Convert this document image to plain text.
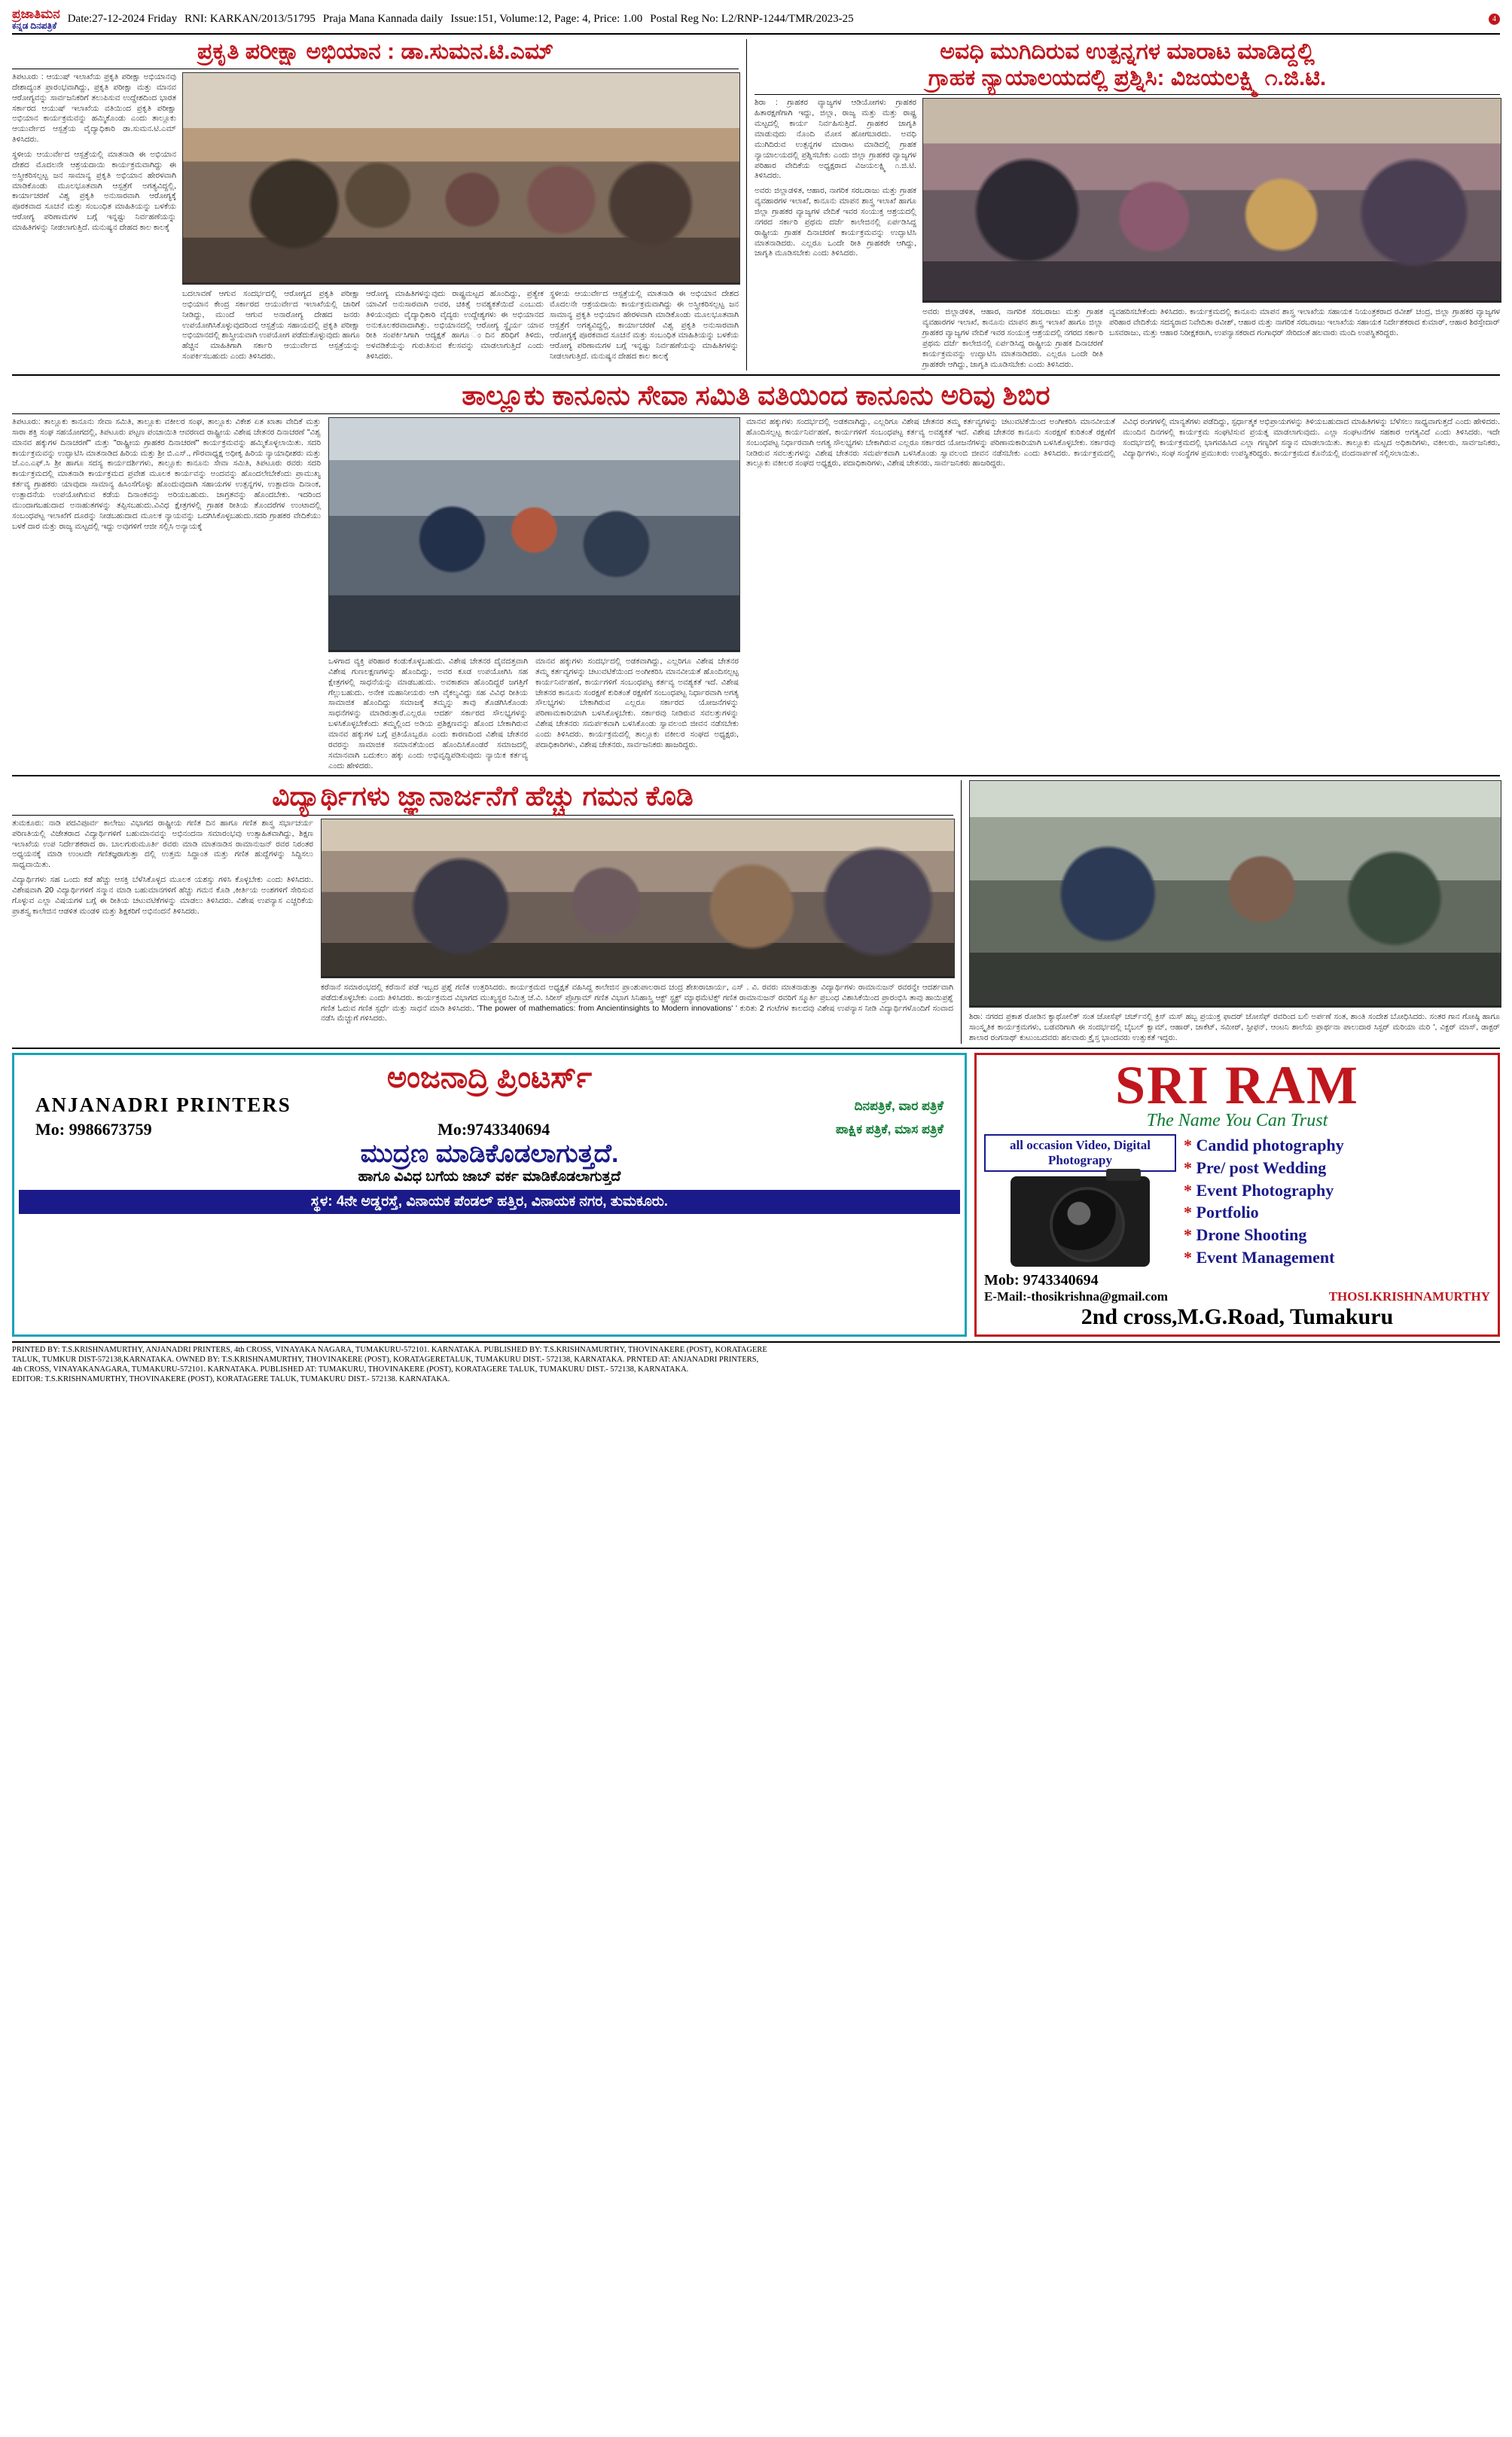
ಪ್ರಜಾತಿಮನ
ಕನ್ನಡ ದಿನಪತ್ರಿಕೆ
Date:27-12-2024 Friday RNI: KARKAN/2013/51795 Praja Mana Kannada daily Issue:151, Volume:12, Page: 4, Price: 1.00 Postal Reg No: L2/RNP-1244/TMR/2023-25	4
ಪ್ರಕೃತಿ ಪರೀಕ್ಷಾ ಅಭಿಯಾನ : ಡಾ.ಸುಮನ.ಟಿ.ಎಮ್
ತಿಪಟೂರು : ಆಯುಷ್ ಇಲಾಖೆಯ ಪ್ರಕೃತಿ ಪರೀಕ್ಷಾ ಅಭಿಯಾನವು ದೇಶಾದ್ಯಂತ ಪ್ರಾರಂಭವಾಗಿದ್ದು, ಪ್ರಕೃತಿ ಪರೀಕ್ಷಾ ಮತ್ತು ಮಾನವ ಆರೋಗ್ಯವನ್ನು ಸಾರ್ವಜನಿಕರಿಗೆ ತಲುಪಿಸುವ ಉದ್ದೇಶದಿಂದ ಭಾರತ ಸರ್ಕಾರದ ಆಯುಷ್ ಇಲಾಖೆಯ ವತಿಯಿಂದ ಪ್ರಕೃತಿ ಪರೀಕ್ಷಾ ಅಭಿಯಾನ ಕಾರ್ಯಕ್ರಮವನ್ನು ಹಮ್ಮಿಕೊಂಡು ಎಂದು ತಾಲ್ಲೂಕು ಆಯುರ್ವೇದ ಆಸ್ಪತ್ರೆಯ ವೈದ್ಯಾಧಿಕಾರಿ ಡಾ.ಸುಮನ.ಟಿ.ಎಮ್ ತಿಳಿಸಿದರು.
ಸ್ಥಳೀಯ ಆಯುರ್ವೇದ ಆಸ್ಪತ್ರೆಯಲ್ಲಿ ಮಾತನಾಡಿ ಈ ಅಭಿಯಾನ ದೇಶದ ಮೊದಲನೇ ಆಶ್ರಯದಾಯಿ ಕಾರ್ಯಕ್ರಮವಾಗಿದ್ದು ಈ ಅಸ್ತ್ರೀಕರಿಸಲ್ಪಟ್ಟ ಜನ ಸಾಮಾನ್ಯ ಪ್ರಕೃತಿ ಅಭಿಯಾನ ಹೇರಳವಾಗಿ ಮಾಡಿಕೊಂಡು ಮೂಲಭೂತವಾಗಿ ಆಸ್ಪತ್ರೆಗೆ ಅಗತ್ಯವಿದ್ದಲ್ಲಿ, ಕಾರ್ಯಾಚರಣೆ ವಿಶ್ವ ಪ್ರಕೃತಿ ಅನುಸಾರವಾಗಿ ಆರೋಗ್ಯಕ್ಕೆ ಪೂರಕವಾದ ಸೂಚನೆ ಮತ್ತು ಸಂಬಂಧಿತ ಮಾಹಿತಿಯನ್ನು ಬಳಕೆಯ ಆರೋಗ್ಯ ಪರಿಣಾಮಗಳ ಬಗ್ಗೆ ಇನ್ನಷ್ಟು ನಿರ್ವಹಣೆಯನ್ನು ಮಾಹಿತಿಗಳನ್ನು ನೀಡಲಾಗುತ್ತಿದೆ. ಮನುಷ್ಯನ ದೇಹದ ಕಾಲ ಕಾಲಕ್ಕೆ
ಬದಲಾವಣೆ ಆಗುವ ಸಂದರ್ಭದಲ್ಲಿ ಆರೋಗ್ಯದ ಪ್ರಕೃತಿ ಪರೀಕ್ಷಾ ಅಭಿಯಾನ ಕೇಂದ್ರ ಸರ್ಕಾರದ ಆಯುರ್ವೇದ ಇಲಾಖೆಯಲ್ಲಿ ಜಾರಿಗೆ ನೀಡಿದ್ದು, ಮುಂದೆ ಆಗುವ ಅನಾರೋಗ್ಯ ದೇಹದ ಜನರು ಉಪಯೋಗಿಸಿಕೊಳ್ಳುವುದರಿಂದ ಆಸ್ಪತ್ರೆಯ ಸಹಾಯದಲ್ಲಿ ಪ್ರಕೃತಿ ಪರೀಕ್ಷಾ ಅಭಿಯಾನದಲ್ಲಿ ಶಾಸ್ತ್ರೀಯವಾಗಿ ಉಪಯೋಗ ಪಡೆದುಕೊಳ್ಳುವುದು ಹಾಗೂ ಹೆಚ್ಚಿನ ಮಾಹಿತಿಗಾಗಿ ಸರ್ಕಾರಿ ಆಯುರ್ವೇದ ಆಸ್ಪತ್ರೆಯನ್ನು ಸಂಪರ್ಕಿಸಬಹುದು ಎಂದು ತಿಳಿಸಿದರು.
ಆರೋಗ್ಯ ಮಾಹಿತಿಗಳನ್ನುವುದು ರಾಷ್ಟ್ರಮಟ್ಟದ ಹೊಂದಿದ್ದು, ಪ್ರತ್ಯೇಕ ಯಾವಿಗೆ ಅನುಸಾರವಾಗಿ ಅವರ, ಚಿಕಿತ್ಸೆ ಅವಶ್ಯಕತೆಯಿದೆ ಎಂಬುದು ತಿಳಿಯುವುದು ವೈದ್ಯಾಧಿಕಾರಿ ವೈದ್ಯರು ಉದ್ದೇಶ್ಯಗಳು ಈ ಅಭಿಯಾನದ ಅನುಕೂಲಕರವಾದಾಗಿತ್ತು. ಅಭಿಯಾನದಲ್ಲಿ ಆರೋಗ್ಯ ಸ್ಥೈರ್ಯ ಯಾವ ರೀತಿ ಸಂಪರ್ಕಿಸಿಗಾಗಿ ಆದ್ಯಕ್ಷತೆ ಹಾಗೂ ಂದಿನ ಶರಿಧಿಗೆ ತಿಳಿದು, ಅಳವಡಿಕೆಯನ್ನು ಗುರುತಿಸುವ ಕೆಲಸವನ್ನು ಮಾಡಲಾಗುತ್ತಿದೆ ಎಂದು ತಿಳಿಸಿದರು.
ಸ್ಥಳೀಯ ಆಯುರ್ವೇದ ಆಸ್ಪತ್ರೆಯಲ್ಲಿ ಮಾತನಾಡಿ ಈ ಅಭಿಯಾನ ದೇಶದ ಮೊದಲನೇ ಆಶ್ರಯದಾಯಿ ಕಾರ್ಯಕ್ರಮವಾಗಿದ್ದು ಈ ಅಸ್ತ್ರೀಕರಿಸಲ್ಪಟ್ಟ ಜನ ಸಾಮಾನ್ಯ ಪ್ರಕೃತಿ ಅಭಿಯಾನ ಹೇರಳವಾಗಿ ಮಾಡಿಕೊಂಡು ಮೂಲಭೂತವಾಗಿ ಆಸ್ಪತ್ರೆಗೆ ಅಗತ್ಯವಿದ್ದಲ್ಲಿ, ಕಾರ್ಯಾಚರಣೆ ವಿಶ್ವ ಪ್ರಕೃತಿ ಅನುಸಾರವಾಗಿ ಆರೋಗ್ಯಕ್ಕೆ ಪೂರಕವಾದ ಸೂಚನೆ ಮತ್ತು ಸಂಬಂಧಿತ ಮಾಹಿತಿಯನ್ನು ಬಳಕೆಯ ಆರೋಗ್ಯ ಪರಿಣಾಮಗಳ ಬಗ್ಗೆ ಇನ್ನಷ್ಟು ನಿರ್ವಹಣೆಯನ್ನು ಮಾಹಿತಿಗಳನ್ನು ನೀಡಲಾಗುತ್ತಿದೆ. ಮನುಷ್ಯನ ದೇಹದ ಕಾಲ ಕಾಲಕ್ಕೆ
ಅವಧಿ ಮುಗಿದಿರುವ ಉತ್ಪನ್ನಗಳ ಮಾರಾಟ ಮಾಡಿದ್ದಲ್ಲಿ
ಗ್ರಾಹಕ ನ್ಯಾಯಾಲಯದಲ್ಲಿ ಪ್ರಶ್ನಿಸಿ: ವಿಜಯಲಕ್ಷ್ಮಿ ೧.ಜಿ.ಟಿ.
ಶಿರಾ : ಗ್ರಾಹಕರ ವ್ಯಾಜ್ಯಗಳ ಆಡಿಯೋಗಳು ಗ್ರಾಹಕರ ಹಿತಾರಕ್ಷಣೆಗಾಗಿ ಇದ್ದು, ಜಿಲ್ಲಾ, ರಾಜ್ಯ ಮತ್ತು ಮತ್ತು ರಾಷ್ಟ್ರ ಮಟ್ಟದಲ್ಲಿ ಕಾರ್ಯ ನಿರ್ವಹಿಸುತ್ತಿದೆ. ಗ್ರಾಹಕರ ಜಾಗೃತಿ ಮಾಡುವುದು ನೊಂದಿ ಮೋಸ ಹೋಗಬಾರದು. ಅವಧಿ ಮುಗಿದಿರುವ ಉತ್ಪನ್ನಗಳ ಮಾರಾಟ ಮಾಡಿದಲ್ಲಿ ಗ್ರಾಹಕ ನ್ಯಾಯಾಲಯದಲ್ಲಿ ಪ್ರಶ್ನಿಸಬೇಕು ಎಂದು ಜಿಲ್ಲಾ ಗ್ರಾಹಕರ ವ್ಯಾಜ್ಯಗಳ ಪರಿಹಾರ ವೇದಿಕೆಯ ಅಧ್ಯಕ್ಷರಾದ ವಿಜಯಲಕ್ಷ್ಮಿ ೧.ಜಿ.ಟಿ. ತಿಳಿಸಿದರು.
ಅವರು ಜಿಲ್ಲಾಡಳಿತ, ಆಹಾರ, ನಾಗರಿಕ ಸರಬರಾಜು ಮತ್ತು ಗ್ರಾಹಕ ವ್ಯವಹಾರಗಳ ಇಲಾಖೆ, ಕಾನೂನು ಮಾಪನ ಶಾಸ್ತ್ರ ಇಲಾಖೆ ಹಾಗೂ ಜಿಲ್ಲಾ ಗ್ರಾಹಕರ ವ್ಯಾಜ್ಯಗಳ ವೇದಿಕೆ ಇವರ ಸಂಯುಕ್ತ ಆಶ್ರಯದಲ್ಲಿ ನಗರದ ಸರ್ಕಾರಿ ಪ್ರಥಮ ದರ್ಜೆ ಕಾಲೇಜಿನಲ್ಲಿ ಏರ್ಪಡಿಸಿದ್ದ ರಾಷ್ಟ್ರೀಯ ಗ್ರಾಹಕ ದಿನಾಚರಣೆ ಕಾರ್ಯಕ್ರಮವನ್ನು ಉದ್ಘಾಟಿಸಿ ಮಾತನಾಡಿದರು. ಎಲ್ಲರೂ ಒಂದೇ ರೀತಿ ಗ್ರಾಹಕರೇ ಆಗಿದ್ದು, ಜಾಗೃತಿ ಮೂಡಿಸಬೇಕು ಎಂದು ತಿಳಿಸಿದರು.
ಅವರು ಜಿಲ್ಲಾಡಳಿತ, ಆಹಾರ, ನಾಗರಿಕ ಸರಬರಾಜು ಮತ್ತು ಗ್ರಾಹಕ ವ್ಯವಹಾರಗಳ ಇಲಾಖೆ, ಕಾನೂನು ಮಾಪನ ಶಾಸ್ತ್ರ ಇಲಾಖೆ ಹಾಗೂ ಜಿಲ್ಲಾ ಗ್ರಾಹಕರ ವ್ಯಾಜ್ಯಗಳ ವೇದಿಕೆ ಇವರ ಸಂಯುಕ್ತ ಆಶ್ರಯದಲ್ಲಿ ನಗರದ ಸರ್ಕಾರಿ ಪ್ರಥಮ ದರ್ಜೆ ಕಾಲೇಜಿನಲ್ಲಿ ಏರ್ಪಡಿಸಿದ್ದ ರಾಷ್ಟ್ರೀಯ ಗ್ರಾಹಕ ದಿನಾಚರಣೆ ಕಾರ್ಯಕ್ರಮವನ್ನು ಉದ್ಘಾಟಿಸಿ ಮಾತನಾಡಿದರು. ಎಲ್ಲರೂ ಒಂದೇ ರೀತಿ ಗ್ರಾಹಕರೇ ಆಗಿದ್ದು, ಜಾಗೃತಿ ಮೂಡಿಸಬೇಕು ಎಂದು ತಿಳಿಸಿದರು.
ವ್ಯವಹರಿಸಬೇಕೆಂದು ತಿಳಿಸಿದರು. ಕಾರ್ಯಕ್ರಮದಲ್ಲಿ ಕಾನೂನು ಮಾಪನ ಶಾಸ್ತ್ರ ಇಲಾಖೆಯ ಸಹಾಯಕ ನಿಯಂತ್ರಕರಾದ ರವೀಶ್ ಚಂದ್ರ, ಜಿಲ್ಲಾ ಗ್ರಾಹಕರ ವ್ಯಾಜ್ಯಗಳ ಪರಿಹಾರ ವೇದಿಕೆಯ ಸದಸ್ಯರಾದ ನಿವೇದಿತಾ ರವೀಶ್, ಆಹಾರ ಮತ್ತು ನಾಗರಿಕ ಸರಬರಾಜು ಇಲಾಖೆಯ ಸಹಾಯಕ ನಿರ್ದೇಶಕರಾದ ಕುಮಾರ್, ಆಹಾರ ಶಿರಸ್ತೇದಾರ್ ಬಸವರಾಜು, ಮತ್ತು ಆಹಾರ ನಿರೀಕ್ಷಕರಾಗಿ, ಉಪನ್ಯಾಸಕರಾದ ಗಂಗಾಧರ್ ಸೇರಿದಂತೆ ಹಲವಾರು ಮಂದಿ ಉಪಸ್ಥಿತರಿದ್ದರು.
ತಾಲ್ಲೂಕು ಕಾನೂನು ಸೇವಾ ಸಮಿತಿ ವತಿಯಿಂದ ಕಾನೂನು ಅರಿವು ಶಿಬಿರ
ತಿಪಟೂರು: ತಾಲ್ಲೂಕು ಕಾನೂನು ಸೇವಾ ಸಮಿತಿ, ತಾಲ್ಲೂಕು ವಕೀಲರ ಸಂಘ, ತಾಲ್ಲೂಕು ವಿಕೇಶ ಏತ ಖಾತಾ ವೇದಿಕೆ ಮತ್ತು ಸಾರಾ ಶಕ್ತಿ ಸಂಘ ಸಹಯೋಗದಲ್ಲಿ, ತಿಪಟೂರು ಪಟ್ಟಣ ಪಂಚಾಯಿತಿ ಆವರಣದ ರಾಷ್ಟ್ರೀಯ ವಿಶೇಷ ಚೇತನರ ದಿನಾಚರಣೆ "ವಿಶ್ವ ಮಾನವ ಹಕ್ಕುಗಳ ದಿನಾಚರಣೆ" ಮತ್ತು "ರಾಷ್ಟ್ರೀಯ ಗ್ರಾಹಕರ ದಿನಾಚರಣೆ" ಕಾರ್ಯಕ್ರಮವನ್ನು ಹಮ್ಮಿಕೊಳ್ಳಲಾಯಿತು. ಸದರಿ ಕಾರ್ಯಕ್ರಮವನ್ನು ಉದ್ಘಾಟಿಸಿ ಮಾತನಾಡಿದ ಹಿರಿಯ ಮತ್ತು ಶ್ರೀ ಬಿ.ಎಸ್., ಗೌರವಾಧ್ಯಕ್ಷ ಅಧೀಕೃ ಹಿರಿಯ ನ್ಯಾಯಾಧೀಶರು ಮತ್ತು ಜೆ.ಎಂ.ಎಫ್.ಸಿ ಶ್ರೀ ಹಾಗೂ ಸದಸ್ಯ ಕಾರ್ಯದರ್ಶಿಗಳು, ತಾಲ್ಲೂಕು ಕಾನೂನು ಸೇವಾ ಸಮಿತಿ, ತಿಪಟೂರು ರವರು ಸದರಿ ಕಾರ್ಯಕ್ರಮದಲ್ಲಿ ಮಾತನಾಡಿ ಕಾರ್ಯಕ್ರಮದ ಪ್ರವೇಶ ಮೂಲಕ ಕಾರ್ಯವನ್ನು ಅಂದವನ್ನು ಹೊಂದಲೇಬೇಕೆಂದು ಪ್ರಾಮುಖ್ಯ ಕರ್ತವ್ಯ ಗ್ರಾಹಕರು ಯಾವುದಾ ಸಾಮಾನ್ಯ ಹಿಸಿಂಸೆಗೊಳ್ಳು ಹೊಂದುವುದಾಗಿ ಸಹಾಯಗಳ ಉತ್ಪನ್ನಗಳ, ಉತ್ಪಾದನಾ ದಿನಾಂಕ, ಉತ್ಪಾದನೆಯ ಉಪಯೋಗಿಸುವ ಕಡೆಯ ದಿನಾಂಕವನ್ನು ಅರಿಯಬಹುದು. ಜಾಗ್ರತವನ್ನು ಹೊಂದಬೇಕು. ಇದರಿಂದ ಮುಂದಾಗಬಹುದಾದ ಅನಾಹುತಗಳನ್ನು ತಪ್ಪಿಸಬಹುದು.ವಿವಿಧ ಕ್ಷೇತ್ರಗಳಲ್ಲಿ ಗ್ರಾಹಕ ರೀತಿಯ ತೊಂದರೆಗಳ ಉಂಟಾದಲ್ಲಿ ಸಂಬಂಧಪಟ್ಟ ಇಲಾಖೆಗೆ ದೂರನ್ನು ನೀಡಬಹುದಾದ ಮೂಲಕ ನ್ಯಾಯವನ್ನು ಒದಗಿಸಿಕೊಳ್ಳಬಹುದು.ಸದರಿ ಗ್ರಾಹಕರ ವೇದಿಕೆಯು ಬಳಕೆ ದಾರ ಮತ್ತು ರಾಜ್ಯ ಮಟ್ಟದಲ್ಲಿ ಇದ್ದು ಅವುಗಳಿಗೆ ಆಜೀ ಸಲ್ಲಿಸಿ ಅನ್ಯಾಯಕ್ಕೆ
ಒಳಗಾದ ವ್ಯಕ್ತಿ ಪರಿಹಾರ ಕಂಡುಕೊಳ್ಳಬಹುದು. ವಿಶೇಷ ಚೇತನರ ದೈವದತ್ತವಾಗಿ ವಿಶೇಷ ಗುಣಲಕ್ಷಣಗಳನ್ನು ಹೊಂದಿದ್ದು, ಅವರ ಕೂಡ ಉಪಯೋಗಿಸಿ ಸಹ ಕ್ಷೇತ್ರಗಳಲ್ಲಿ ಸಾಧನೆಯನ್ನು ಮಾಡಬಹುದು. ಅವಕಾಶವಾ ಹೊಂದಿದ್ದರೆ ಜಗತ್ತಿಗೆ ಗೆಲ್ಲುಬಹುದು. ಅನೇಕ ಮಹಾನೀಯರು ಆಗಿ ವೈಕಲ್ಯವಿದ್ದು ಸಹ ವಿವಿಧ ರೀತಿಯ ಸಾಮಾಜಿಕ ಹೊಂದಿದ್ದು ಸಮಾಜಕ್ಕೆ ತಮ್ಮನ್ನು ತಾವು ತೊಡಗಿಸಿಕೊಂಡು ಸಾಧನೆಗಳನ್ನು ಮಾಡಿರುತ್ತಾರೆ.ಎಲ್ಲರೂ ಆದರ್ಶ ಸರ್ಕಾರದ ಸೌಲಭ್ಯಗಳನ್ನು ಬಳಸಿಕೊಳ್ಳಬೇಕೆಂದು ತಮ್ಮಲ್ಲಿಂದ ಅಡಿಯ ಪ್ರಶಿಕ್ಷಣವನ್ನು ಹೊಂದ ಬೇಕಾಗಿರುವ ಮಾನವ ಹಕ್ಕುಗಳ ಬಗ್ಗೆ ಪ್ರತಿಯೊಬ್ಬರೂ ಎಂದು ಕಾರಣದಿಂದ ವಿಶೇಷ ಚೇತನರ ರವರನ್ನು ಸಾಮಾಜಿಕ ಸಮಾನತೆಯಿಂದ ಹೊಂದಿಸಿಕೊಂಡರೆ ಸಮಾಜದಲ್ಲಿ ಸಮಾನವಾಗಿ ಬದುಕಲು ಹಕ್ಕು ಎಂದು ಅಭಿವೃದ್ಧಿಪಡಿಸುವುದು ನ್ಯಾಯಿಕ ಕರ್ತವ್ಯ ಎಂದು ಹೇಳಿದರು.
ಮಾನವ ಹಕ್ಕುಗಳು ಸಂದರ್ಭದಲ್ಲಿ ಅಡಕವಾಗಿದ್ದು, ಎಲ್ಲರಿಗೂ ವಿಶೇಷ ಚೇತನರ ತಮ್ಮ ಕರ್ತವ್ಯಗಳನ್ನು ಚಟುವಟಿಕೆಯಿಂದ ಅಂಗೀಕರಿಸಿ ಮಾನವೀಯತೆ ಹೊಂದಿಸಲ್ಪಟ್ಟ ಕಾರ್ಯನಿರ್ವಹಣೆ, ಕಾರ್ಯಗಳಿಗೆ ಸಂಬಂಧಪಟ್ಟ ಕರ್ತವ್ಯ ಅವಶ್ಯಕತೆ ಇದೆ. ವಿಶೇಷ ಚೇತನರ ಕಾನೂನು ಸಂರಕ್ಷಣೆ ಕುರಿತಂತೆ ರಕ್ಷಣೆಗೆ ಸಂಬಂಧಪಟ್ಟ ನಿರ್ಧಾರವಾಗಿ ಅಗತ್ಯ ಸೌಲಭ್ಯಗಳು ಬೇಕಾಗಿರುವ ಎಲ್ಲರೂ ಸರ್ಕಾರದ ಯೋಜನೆಗಳನ್ನು ಪರಿಣಾಮಕಾರಿಯಾಗಿ ಬಳಸಿಕೊಳ್ಳಬೇಕು. ಸರ್ಕಾರವು ನೀಡಿರುವ ಸವಲತ್ತುಗಳನ್ನು ವಿಶೇಷ ಚೇತನರು ಸಮರ್ಪಕವಾಗಿ ಬಳಸಿಕೊಂಡು ಸ್ವಾವಲಂಬಿ ಜೀವನ ನಡೆಸಬೇಕು ಎಂದು ತಿಳಿಸಿದರು. ಕಾರ್ಯಕ್ರಮದಲ್ಲಿ ತಾಲ್ಲೂಕು ವಕೀಲರ ಸಂಘದ ಅಧ್ಯಕ್ಷರು, ಪದಾಧಿಕಾರಿಗಳು, ವಿಶೇಷ ಚೇತನರು, ಸಾರ್ವಜನಿಕರು ಹಾಜರಿದ್ದರು.
ಮಾನವ ಹಕ್ಕುಗಳು ಸಂದರ್ಭದಲ್ಲಿ ಅಡಕವಾಗಿದ್ದು, ಎಲ್ಲರಿಗೂ ವಿಶೇಷ ಚೇತನರ ತಮ್ಮ ಕರ್ತವ್ಯಗಳನ್ನು ಚಟುವಟಿಕೆಯಿಂದ ಅಂಗೀಕರಿಸಿ ಮಾನವೀಯತೆ ಹೊಂದಿಸಲ್ಪಟ್ಟ ಕಾರ್ಯನಿರ್ವಹಣೆ, ಕಾರ್ಯಗಳಿಗೆ ಸಂಬಂಧಪಟ್ಟ ಕರ್ತವ್ಯ ಅವಶ್ಯಕತೆ ಇದೆ. ವಿಶೇಷ ಚೇತನರ ಕಾನೂನು ಸಂರಕ್ಷಣೆ ಕುರಿತಂತೆ ರಕ್ಷಣೆಗೆ ಸಂಬಂಧಪಟ್ಟ ನಿರ್ಧಾರವಾಗಿ ಅಗತ್ಯ ಸೌಲಭ್ಯಗಳು ಬೇಕಾಗಿರುವ ಎಲ್ಲರೂ ಸರ್ಕಾರದ ಯೋಜನೆಗಳನ್ನು ಪರಿಣಾಮಕಾರಿಯಾಗಿ ಬಳಸಿಕೊಳ್ಳಬೇಕು. ಸರ್ಕಾರವು ನೀಡಿರುವ ಸವಲತ್ತುಗಳನ್ನು ವಿಶೇಷ ಚೇತನರು ಸಮರ್ಪಕವಾಗಿ ಬಳಸಿಕೊಂಡು ಸ್ವಾವಲಂಬಿ ಜೀವನ ನಡೆಸಬೇಕು ಎಂದು ತಿಳಿಸಿದರು. ಕಾರ್ಯಕ್ರಮದಲ್ಲಿ ತಾಲ್ಲೂಕು ವಕೀಲರ ಸಂಘದ ಅಧ್ಯಕ್ಷರು, ಪದಾಧಿಕಾರಿಗಳು, ವಿಶೇಷ ಚೇತನರು, ಸಾರ್ವಜನಿಕರು ಹಾಜರಿದ್ದರು.
ವಿವಿಧ ರಂಗಗಳಲ್ಲಿ ಮಾನ್ಯತೆಗಳು ಪಡೆದಿದ್ದು, ಸ್ಪರ್ಧಾತ್ಮಕ ಅಭಿಪ್ರಾಯಗಳನ್ನು ತಿಳಿಯಬಹುದಾದ ಮಾಹಿತಿಗಳನ್ನು ಬೆಳೆಸಲು ಸಾಧ್ಯವಾಗುತ್ತದೆ ಎಂದು ಹೇಳಿದರು. ಮುಂದಿನ ದಿನಗಳಲ್ಲಿ ಕಾರ್ಯಕ್ರಮ ಸಂಘಟಿಸುವ ಪ್ರಯತ್ನ ಮಾಡಲಾಗುವುದು. ಎಲ್ಲಾ ಸಂಘಟನೆಗಳ ಸಹಕಾರ ಅಗತ್ಯವಿದೆ ಎಂದು ತಿಳಿಸಿದರು. ಇದೇ ಸಂದರ್ಭದಲ್ಲಿ ಕಾರ್ಯಕ್ರಮದಲ್ಲಿ ಭಾಗವಹಿಸಿದ ಎಲ್ಲಾ ಗಣ್ಯರಿಗೆ ಸನ್ಮಾನ ಮಾಡಲಾಯಿತು. ತಾಲ್ಲೂಕು ಮಟ್ಟದ ಅಧಿಕಾರಿಗಳು, ವಕೀಲರು, ಸಾರ್ವಜನಿಕರು, ವಿದ್ಯಾರ್ಥಿಗಳು, ಸಂಘ ಸಂಸ್ಥೆಗಳ ಪ್ರಮುಖರು ಉಪಸ್ಥಿತರಿದ್ದರು. ಕಾರ್ಯಕ್ರಮದ ಕೊನೆಯಲ್ಲಿ ವಂದನಾರ್ಪಣೆ ಸಲ್ಲಿಸಲಾಯಿತು.
ವಿದ್ಯಾರ್ಥಿಗಳು ಜ್ಞಾನಾರ್ಜನೆಗೆ ಹೆಚ್ಚು ಗಮನ ಕೊಡಿ
ತುಮಕೂರು: ನಾಡಿ ಪದವಿಪೂರ್ವ ಕಾಲೇಜು ವಿಭಾಗದ ರಾಷ್ಟ್ರೀಯ ಗಣಿತ ದಿನ ಹಾಗೂ ಗಣಿತ ಶಾಸ್ತ್ರ ಸರ್ಭಾಚರ್ಯ ಪರಿಣತಿಯಲ್ಲಿ ವಿಜೇತರಾದ ವಿದ್ಯಾರ್ಥಿಗಳಿಗೆ ಬಹುಮಾನವನ್ನು ಅಭಿನಂದನಾ ಸಮಾರಂಭವು ಉತ್ಸಾಹಿತವಾಗಿದ್ದು, ಶಿಕ್ಷಣ ಇಲಾಖೆಯ ಉಪ ನಿರ್ದೇಶಕರಾದ ರಾ. ಬಾಲಗುರುಮೂರ್ತಿ ರವರು ಮಾಡಿ ಮಾತನಾಡಿಸ ರಾಮಾನುಜನ್ ರವರ ನಿರಂತರ ಅಧ್ಯಯನಕ್ಕೆ ಮಾಡಿ ಉಂಟದೇ ಗಣಿತಜ್ಞರಾಗುತ್ತಾ ದಲ್ಲಿ ಉತ್ತಮ ಸಿದ್ದಾಂತ ಮತ್ತು ಗಣಿತ ಹುದ್ದೆಗಳನ್ನು ಸಿದ್ದಿಸಲು ಸಾಧ್ಯವಾಯಿತು.
ವಿದ್ಯಾರ್ಥಿಗಳು ಸಹ ಒಂದು ಕಡೆ ಹೆಚ್ಚು ಆಸಕ್ತಿ ಬೆಳೆಸಿಕೊಳ್ಳದ ಮೂಲಕ ಯಶಸ್ಸು ಗಳಿಸಿ ಕೊಳ್ಳಬೇಕು ಎಂದು ತಿಳಿಸಿದರು. ವಿಶೇಷವಾಗಿ 20 ವಿದ್ಯಾರ್ಥಿಗಳಿಗೆ ಸನ್ಮಾನ ಮಾಡಿ ಬಹುಮಾನಗಳಿಗೆ ಹೆಚ್ಚು ಗಮನ ಕೊಡಿ ,ಕೀರ್ತಿಯ ಅಂಶಗಳಿಗೆ ಸೇರಿಸುವ ಗೊಳ್ಳುವ ಎಲ್ಲಾ ವಿಷಯಗಳ ಬಗ್ಗೆ ಈ ರೀತಿಯ ಚಟುವಟಿಕೆಗಳನ್ನು ಮಾಡಲು ತಿಳಿಸಿದರು. ವಿಶೇಷ ಉಪನ್ಯಾಸ ಎಚ್ಚರಿಕೆಯ ಪ್ರಾಶಸ್ತ್ಯ ಕಾಲೇಜಿನ ಆಡಳಿತ ಮಂಡಳಿ ಮತ್ತು ಶಿಕ್ಷಕರಿಗೆ ಅಭಿನಂದನೆ ತಿಳಿಸಿದರು.
ಕರೆನಾನೆ ಸಮಾರಂಭದಲ್ಲಿ ಕರೆನಾನೆ ಪಡೆ ಇಬ್ಬದ ಪ್ರಶ್ನೆ ಗಣಿತ ಉತ್ತರಿಸಿದರು. ಕಾರ್ಯಕ್ರಮದ ಅಧ್ಯಕ್ಷತೆ ವಹಿಸಿದ್ದ ಕಾಲೇಜಿನ ಪ್ರಾಂಶುಪಾಲರಾದ ಚಂದ್ರ ಶೇಖರಾಚಾರ್ಯ, ಎಸ್ . ವಿ. ರವರು ಮಾತನಾಡುತ್ತಾ ವಿದ್ಯಾರ್ಥಿಗಳು ರಾಮಾನುಜನ್ ರವರನ್ನೇ ಆದರ್ಶವಾಗಿ ಪಡೆದುಕೊಳ್ಳಬೇಕು ಎಂದು ತಿಳಿಸಿದರು. ಕಾರ್ಯಕ್ರಮದ ವಿಭಾಗದ ಮುಖ್ಯಸ್ಥರ ನಿಮಿತ್ತ ಜೆ.ವಿ. ಸಿರೀಸ್ ಪ್ರೊಗ್ರಾಮ್ ಗಣಿತ ವಿಭಾಗ ಸಿನಿಹಾಸ್ತ್ರಿ ಆಕ್ಟ್ ಸ್ಟ್ರಕ್ಟ್ ಮ್ಯಾಥಮೆಟಿಕ್ಸ್ ಗಣಿತ ರಾಮಾನುಜನ್ ರವರಿಗೆ ಸ್ಮೂರ್ತಿ ಪ್ರಬಂಧ ವಿಶಾಸಿಕೆಯಿಂದ ಪ್ರಾರಂಭಿಸಿ ತಾವು ಹಾಯಿಪ್ರಶ್ನೆ ಗಣಿತ ಓದುವ ಗಣಿತ ಸ್ಪರ್ಧೆ ಮತ್ತು ಸಾಧನೆ ಮಾಡಿ ತಿಳಿಸಿದರು. 'The power of mathematics: from Ancientinsights to Modern innovations' ' ಕುರಿತು 2 ಗಂಟೆಗಳ ಕಾಲದವು ವಿಶೇಷ ಉಪನ್ಯಾಸ ನೀಡಿ ವಿದ್ಯಾರ್ಥಿಗಳೊಂದಿಗೆ ಸಂವಾದ ನಡೆಸಿ ಮೆಚ್ಚುಗೆ ಗಳಿಸಿದರು.	ಶಿರಾ: ನಗರದ ಪ್ರಕಾಶ ರೋಡಿನ ಕ್ಯಾಥೋಲಿಕ್ ಸಂತ ಜೋಸೆಫ್ ಚರ್ಚ್‌ನಲ್ಲಿ ಕ್ರಿಸ್ ಮಸ್ ಹಬ್ಬ ಪ್ರಯುಕ್ತ ಫಾದರ್ ಜೋಸೆಫ್ ರವರಿಂದ ಬಲಿ ಅರ್ಪಣೆ ಸಂತ, ಶಾಂತಿ ಸಂದೇಶ ಬೋಧಿಸಿದರು. ಸಂತರ ಗಾನ ಗೋಷ್ಠಿ ಹಾಗೂ ಸಾಂಸ್ಕೃತಿಕ ಕಾರ್ಯಕ್ರಮಗಳು, ಬಡವರಿಗಾಗಿ ಈ ಸಂದರ್ಭದಲ್ಲಿ ಬೈಬಲ್ ಕ್ವಾಮ್, ಆಹಾರ್, ಜಾಕೆಟ್, ಸಮೀರ್, ಸ್ಟೀಫನ್, ಆಂಟನಿ ಶಾಲೆಯ ಪ್ರಾರ್ಥನಾ ಪಾಲುದಾರ ಸಿಸ್ಟರ್ ಮರಿಯಾ ಮರಿ ', ವಿಕ್ಟರ್ ಮಾಸ್, ಡಾಕ್ಟರ್ ಶಾಲಾರ ರಂಗನಾಥ್ ಕುಟುಂಬದವರು ಹಲವಾರು ಕ್ರೈಸ್ತ ಭಾಂದವರು ಉತ್ಸುಕತೆ ಇದ್ದರು.
ಅಂಜನಾದ್ರಿ ಪ್ರಿಂಟರ್ಸ್
ANJANADRI PRINTERS	ದಿನಪತ್ರಿಕೆ, ವಾರ ಪತ್ರಿಕೆ
Mo: 9986673759	Mo:9743340694	ಪಾಕ್ಷಿಕ ಪತ್ರಿಕೆ, ಮಾಸ ಪತ್ರಿಕೆ
ಮುದ್ರಣ ಮಾಡಿಕೊಡಲಾಗುತ್ತದೆ.
ಹಾಗೂ ವಿವಿಧ ಬಗೆಯ ಜಾಬ್ ವರ್ಕ ಮಾಡಿಕೊಡಲಾಗುತ್ತದೆ
ಸ್ಥಳ: 4ನೇ ಅಡ್ಡರಸ್ತೆ, ವಿನಾಯಕ ಪೆಂಡಲ್ ಹತ್ತಿರ, ವಿನಾಯಕ ನಗರ, ತುಮಕೂರು.
SRI RAM
The Name You Can Trust
all occasion Video, Digital Photograpy
* Candid photography
* Pre/ post Wedding
* Event Photography
* Portfolio
* Drone Shooting
* Event Management
Mob: 9743340694
E-Mail:-thosikrishna@gmail.com	THOSI.KRISHNAMURTHY
2nd cross,M.G.Road, Tumakuru
PRINTED BY: T.S.KRISHNAMURTHY, ANJANADRI PRINTERS, 4th CROSS, VINAYAKA NAGARA, TUMAKURU-572101. KARNATAKA. PUBLISHED BY: T.S.KRISHNAMURTHY, THOVINAKERE (POST), KORATAGERE
TALUK, TUMKUR DIST-572138,KARNATAKA. OWNED BY: T.S.KRISHNAMURTHY, THOVINAKERE (POST), KORATAGERETALUK, TUMAKURU DIST.- 572138, KARNATAKA. PRNTED AT: ANJANADRI PRINTERS,
4th CROSS, VINAYAKANAGARA, TUMAKURU-572101. KARNATAKA. PUBLISHED AT: TUMAKURU, THOVINAKERE (POST), KORATAGERE TALUK, TUMAKURU DIST.- 572138, KARNATAKA.
EDITOR: T.S.KRISHNAMURTHY, THOVINAKERE (POST), KORATAGERE TALUK, TUMAKURU DIST.- 572138. KARNATAKA.
